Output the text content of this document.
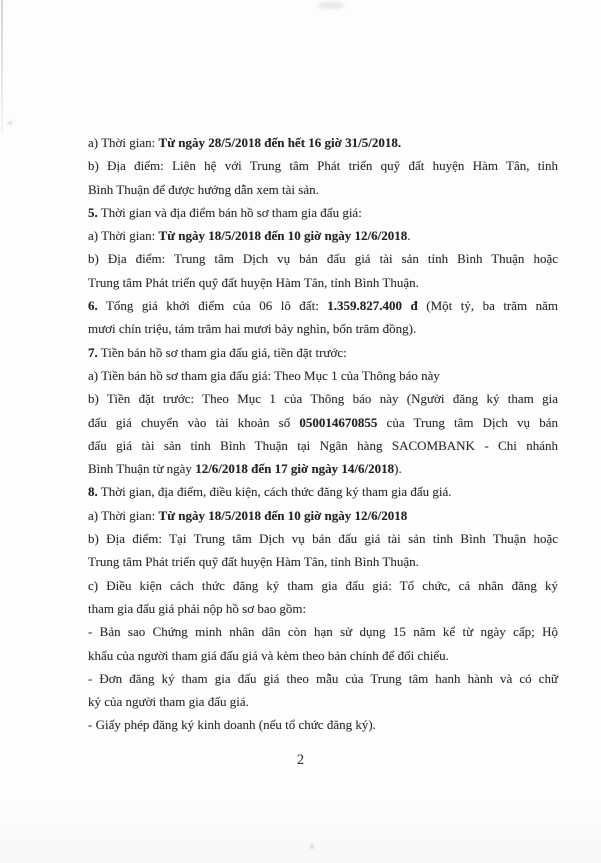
a) Thời gian: Từ ngày 28/5/2018 đến hết 16 giờ 31/5/2018.
b) Địa điểm: Liên hệ với Trung tâm Phát triển quỹ đất huyện Hàm Tân, tỉnh
Bình Thuận để được hướng dẫn xem tài sản.
5. Thời gian và địa điểm bán hồ sơ tham gia đấu giá:
a) Thời gian: Từ ngày 18/5/2018 đến 10 giờ ngày 12/6/2018.
b) Địa điểm: Trung tâm Dịch vụ bán đấu giá tài sản tỉnh Bình Thuận hoặc
Trung tâm Phát triển quỹ đất huyện Hàm Tân, tỉnh Bình Thuận.
6. Tổng giá khởi điểm của 06 lô đất: 1.359.827.400 đ (Một tỷ, ba trăm năm
mươi chín triệu, tám trăm hai mươi bảy nghìn, bốn trăm đồng).
7. Tiền bán hồ sơ tham gia đấu giá, tiền đặt trước:
a) Tiền bán hồ sơ tham gia đấu giá: Theo Mục 1 của Thông báo này
b) Tiền đặt trước: Theo Mục 1 của Thông báo này (Người đăng ký tham gia
đấu giá chuyển vào tài khoản số 050014670855 của Trung tâm Dịch vụ bán
đấu giá tài sản tỉnh Bình Thuận tại Ngân hàng SACOMBANK - Chi nhánh
Bình Thuận từ ngày 12/6/2018 đến 17 giờ ngày 14/6/2018).
8. Thời gian, địa điểm, điều kiện, cách thức đăng ký tham gia đấu giá.
a) Thời gian: Từ ngày 18/5/2018 đến 10 giờ ngày 12/6/2018
b) Địa điểm: Tại Trung tâm Dịch vụ bán đấu giá tài sản tỉnh Bình Thuận hoặc
Trung tâm Phát triển quỹ đất huyện Hàm Tân, tỉnh Bình Thuận.
c) Điều kiện cách thức đăng ký tham gia đấu giá: Tổ chức, cá nhân đăng ký
tham gia đấu giá phải nộp hồ sơ bao gồm:
- Bản sao Chứng minh nhân dân còn hạn sử dụng 15 năm kể từ ngày cấp; Hộ
khẩu của người tham giá đấu giá và kèm theo bản chính để đối chiếu.
- Đơn đăng ký tham gia đấu giá theo mẫu của Trung tâm hanh hành và có chữ
ký của người tham gia đấu giá.
- Giấy phép đăng ký kinh doanh (nếu tổ chức đăng ký).
2
